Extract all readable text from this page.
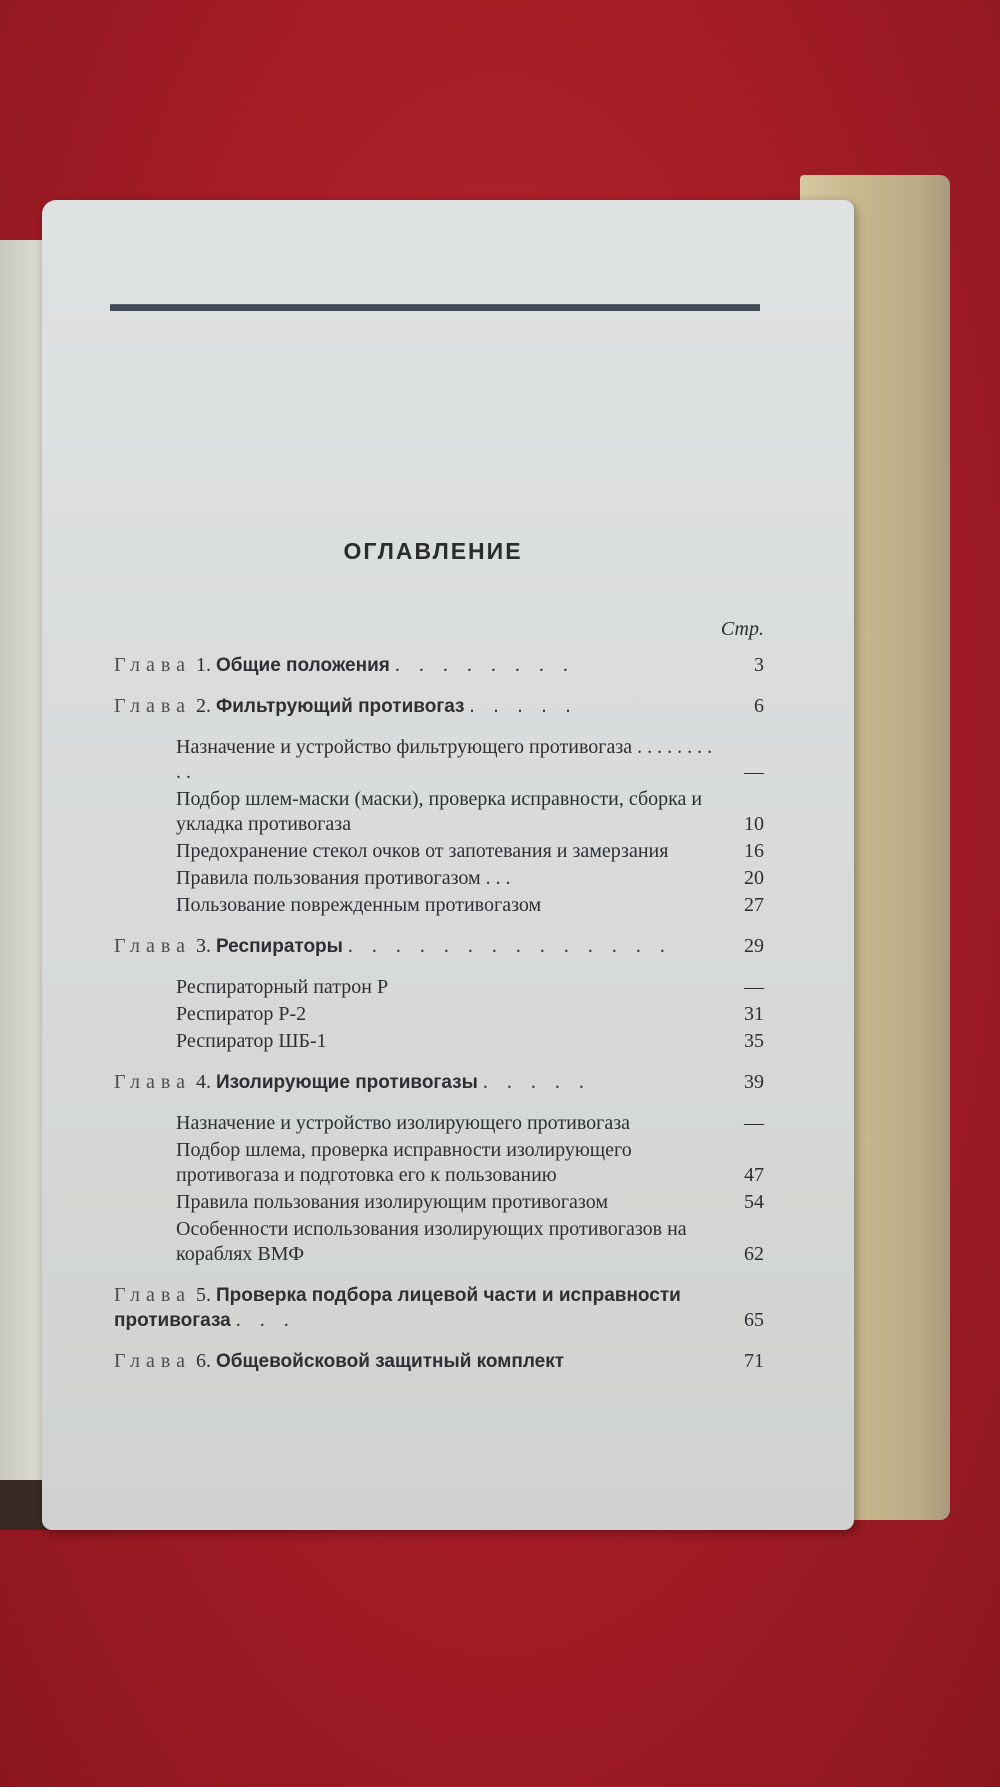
ОГЛАВЛЕНИЕ
Стр.
Глава 1. Общие положения . . . . . . . .	3
Глава 2. Фильтрующий противогаз . . . . .	6
Назначение и устройство фильтрующего противогаза . . . . . . . . . .	—
Подбор шлем-маски (маски), проверка исправности, сборка и укладка противогаза	10
Предохранение стекол очков от запотевания и замерзания	16
Правила пользования противогазом . . .	20
Пользование поврежденным противогазом	27
Глава 3. Респираторы . . . . . . . . . . . . . .	29
Респираторный патрон Р	—
Респиратор Р-2	31
Респиратор ШБ-1	35
Глава 4. Изолирующие противогазы . . . . .	39
Назначение и устройство изолирующего противогаза	—
Подбор шлема, проверка исправности изолирующего противогаза и подготовка его к пользованию	47
Правила пользования изолирующим противогазом	54
Особенности использования изолирующих противогазов на кораблях ВМФ	62
Глава 5. Проверка подбора лицевой части и исправности противогаза . . .	65
Глава 6. Общевойсковой защитный комплект	71
